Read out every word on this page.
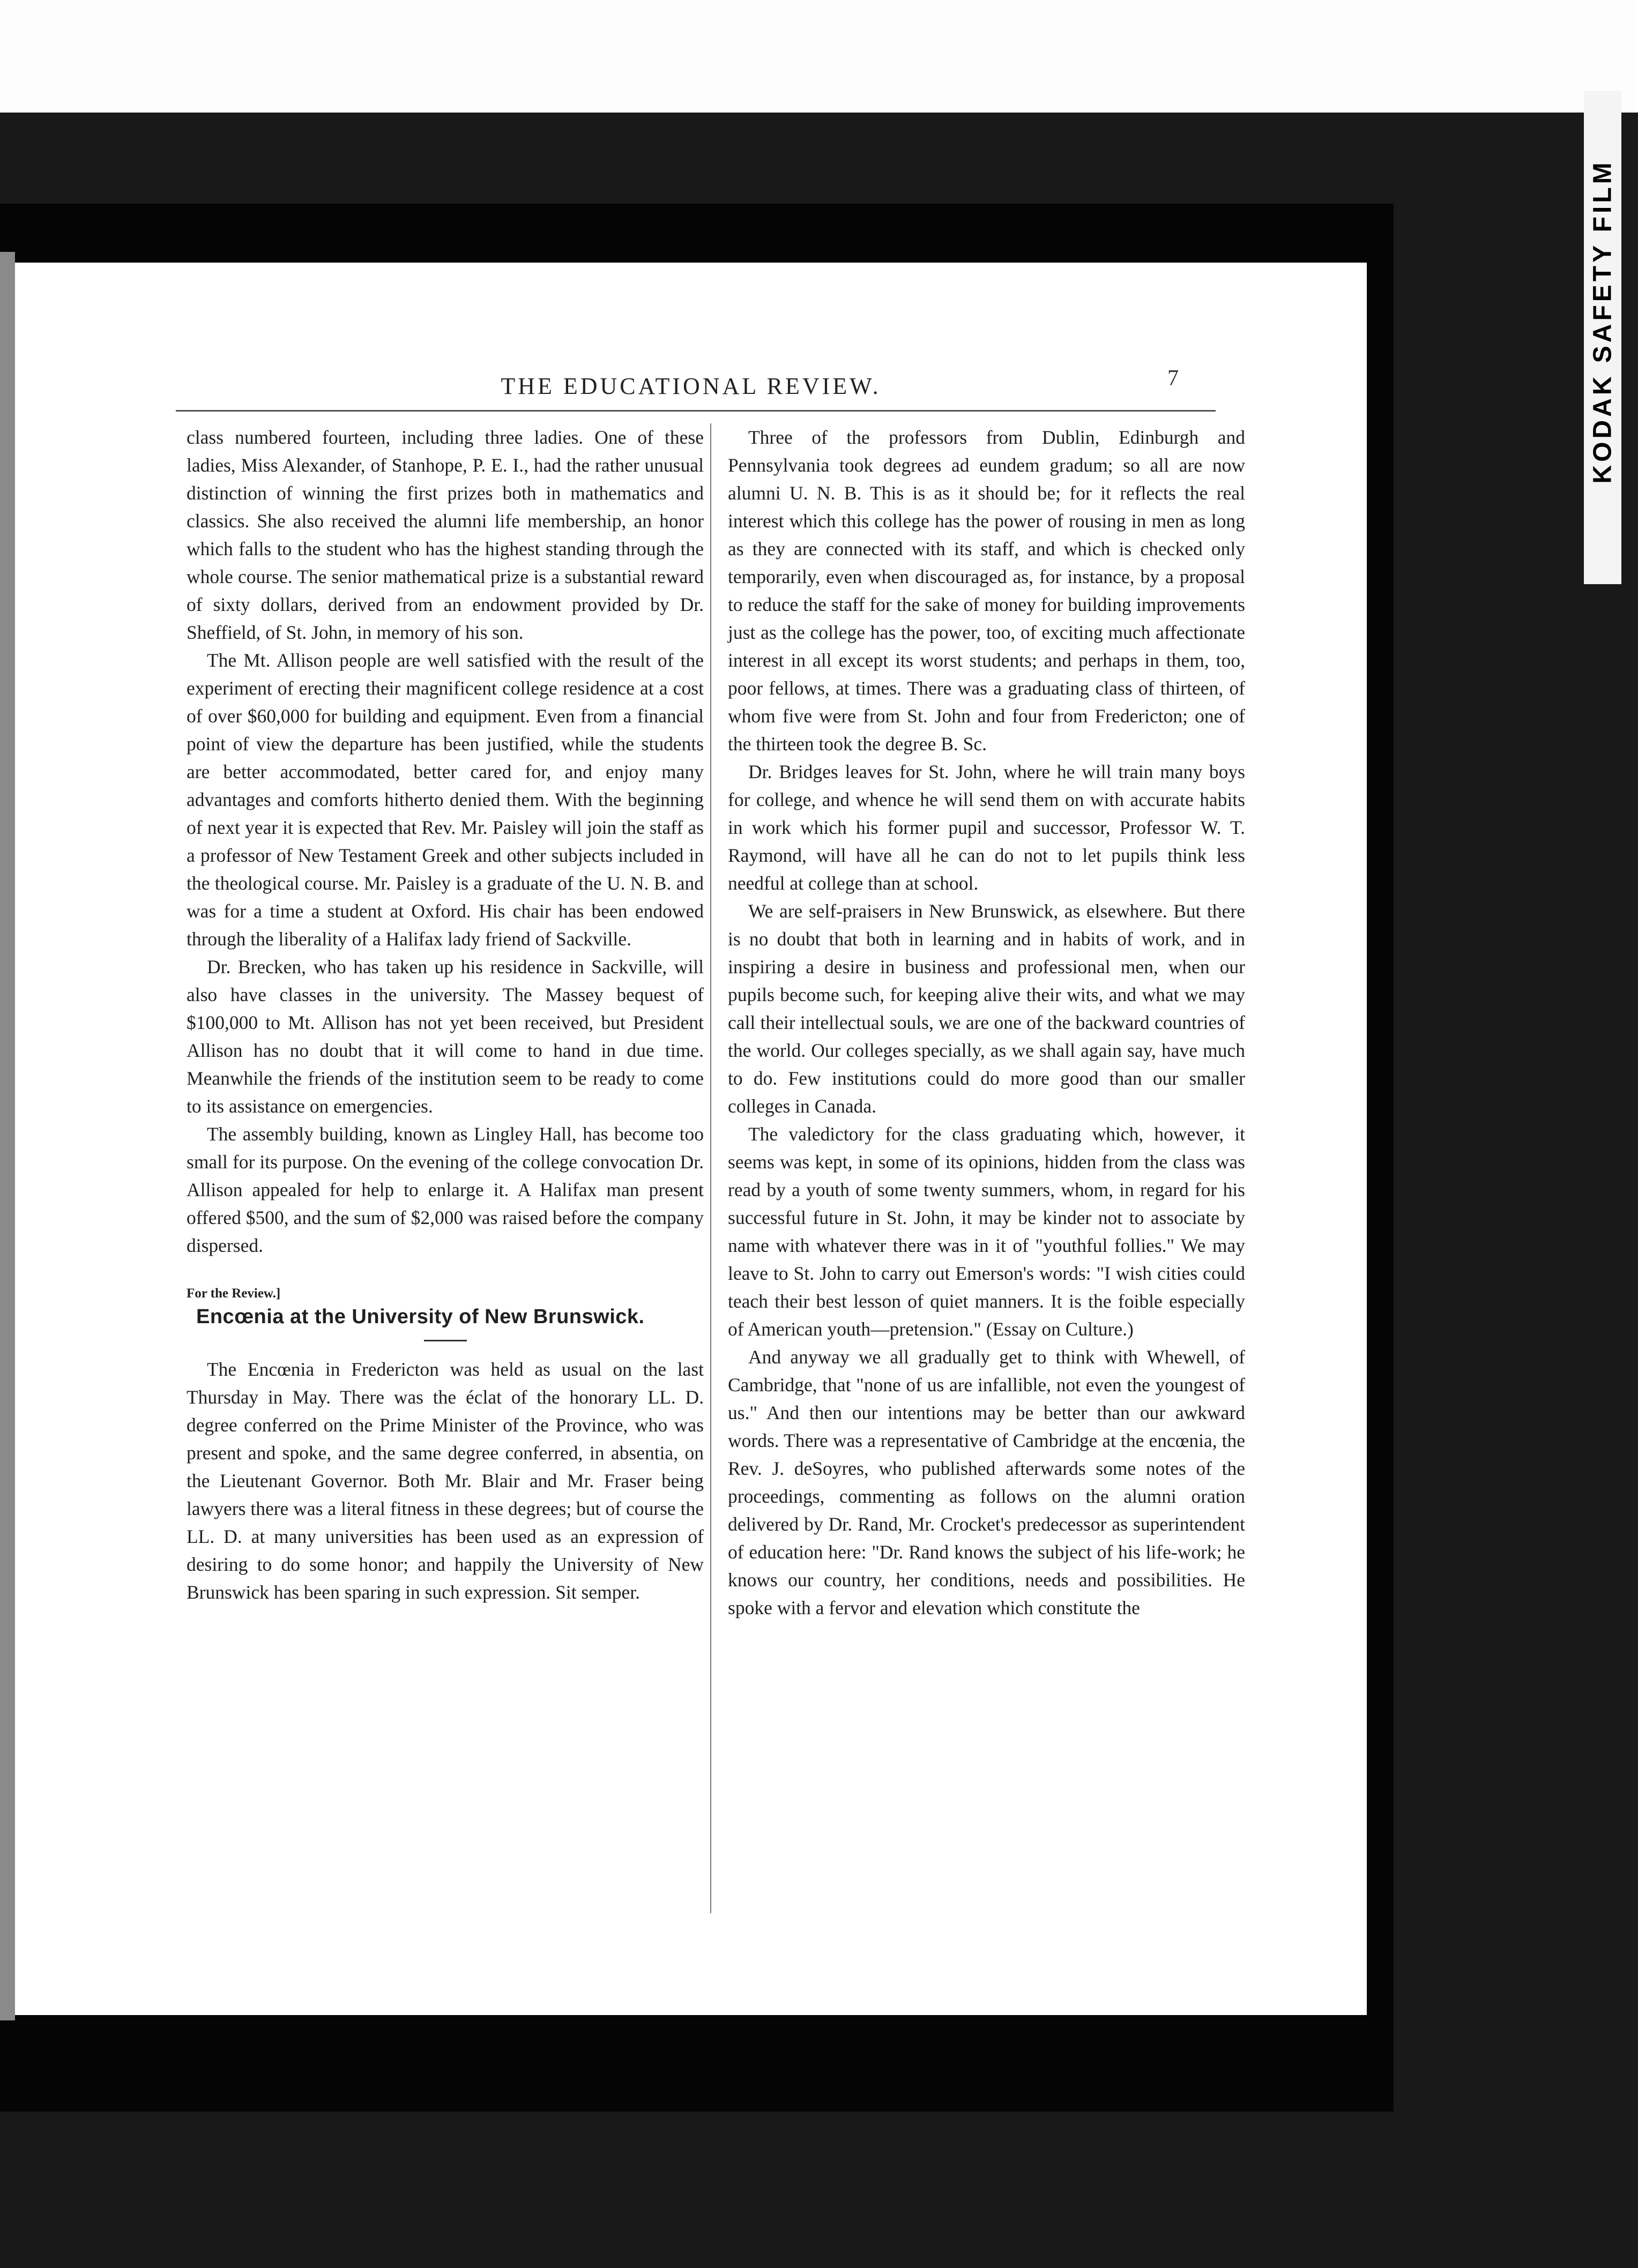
KODAK SAFETY FILM
THE EDUCATIONAL REVIEW.	7

class numbered fourteen, including three ladies. One of these ladies, Miss Alexander, of Stanhope, P. E. I., had the rather unusual distinction of winning the first prizes both in mathematics and classics. She also received the alumni life membership, an honor which falls to the student who has the highest standing through the whole course. The senior mathematical prize is a substantial reward of sixty dollars, derived from an endowment provided by Dr. Sheffield, of St. John, in memory of his son.

The Mt. Allison people are well satisfied with the result of the experiment of erecting their magnificent college residence at a cost of over $60,000 for building and equipment. Even from a financial point of view the departure has been justified, while the students are better accommodated, better cared for, and enjoy many advantages and comforts hitherto denied them. With the beginning of next year it is expected that Rev. Mr. Paisley will join the staff as a professor of New Testament Greek and other subjects included in the theological course. Mr. Paisley is a graduate of the U. N. B. and was for a time a student at Oxford. His chair has been endowed through the liberality of a Halifax lady friend of Sackville.

Dr. Brecken, who has taken up his residence in Sackville, will also have classes in the university. The Massey bequest of $100,000 to Mt. Allison has not yet been received, but President Allison has no doubt that it will come to hand in due time. Meanwhile the friends of the institution seem to be ready to come to its assistance on emergencies.

The assembly building, known as Lingley Hall, has become too small for its purpose. On the evening of the college convocation Dr. Allison appealed for help to enlarge it. A Halifax man present offered $500, and the sum of $2,000 was raised before the company dispersed.

For the Review.]
Encœnia at the University of New Brunswick.

The Encœnia in Fredericton was held as usual on the last Thursday in May. There was the éclat of the honorary LL. D. degree conferred on the Prime Minister of the Province, who was present and spoke, and the same degree conferred, in absentia, on the Lieutenant Governor. Both Mr. Blair and Mr. Fraser being lawyers there was a literal fitness in these degrees; but of course the LL. D. at many universities has been used as an expression of desiring to do some honor; and happily the University of New Brunswick has been sparing in such expression. Sit semper.

Three of the professors from Dublin, Edinburgh and Pennsylvania took degrees ad eundem gradum; so all are now alumni U. N. B. This is as it should be; for it reflects the real interest which this college has the power of rousing in men as long as they are connected with its staff, and which is checked only temporarily, even when discouraged as, for instance, by a proposal to reduce the staff for the sake of money for building improvements just as the college has the power, too, of exciting much affectionate interest in all except its worst students; and perhaps in them, too, poor fellows, at times. There was a graduating class of thirteen, of whom five were from St. John and four from Fredericton; one of the thirteen took the degree B. Sc.

Dr. Bridges leaves for St. John, where he will train many boys for college, and whence he will send them on with accurate habits in work which his former pupil and successor, Professor W. T. Raymond, will have all he can do not to let pupils think less needful at college than at school.

We are self-praisers in New Brunswick, as elsewhere. But there is no doubt that both in learning and in habits of work, and in inspiring a desire in business and professional men, when our pupils become such, for keeping alive their wits, and what we may call their intellectual souls, we are one of the backward countries of the world. Our colleges specially, as we shall again say, have much to do. Few institutions could do more good than our smaller colleges in Canada.

The valedictory for the class graduating which, however, it seems was kept, in some of its opinions, hidden from the class was read by a youth of some twenty summers, whom, in regard for his successful future in St. John, it may be kinder not to associate by name with whatever there was in it of "youthful follies." We may leave to St. John to carry out Emerson's words: "I wish cities could teach their best lesson of quiet manners. It is the foible especially of American youth—pretension." (Essay on Culture.)

And anyway we all gradually get to think with Whewell, of Cambridge, that "none of us are infallible, not even the youngest of us." And then our intentions may be better than our awkward words. There was a representative of Cambridge at the encœnia, the Rev. J. deSoyres, who published afterwards some notes of the proceedings, commenting as follows on the alumni oration delivered by Dr. Rand, Mr. Crocket's predecessor as superintendent of education here: "Dr. Rand knows the subject of his life-work; he knows our country, her conditions, needs and possibilities. He spoke with a fervor and elevation which constitute the
